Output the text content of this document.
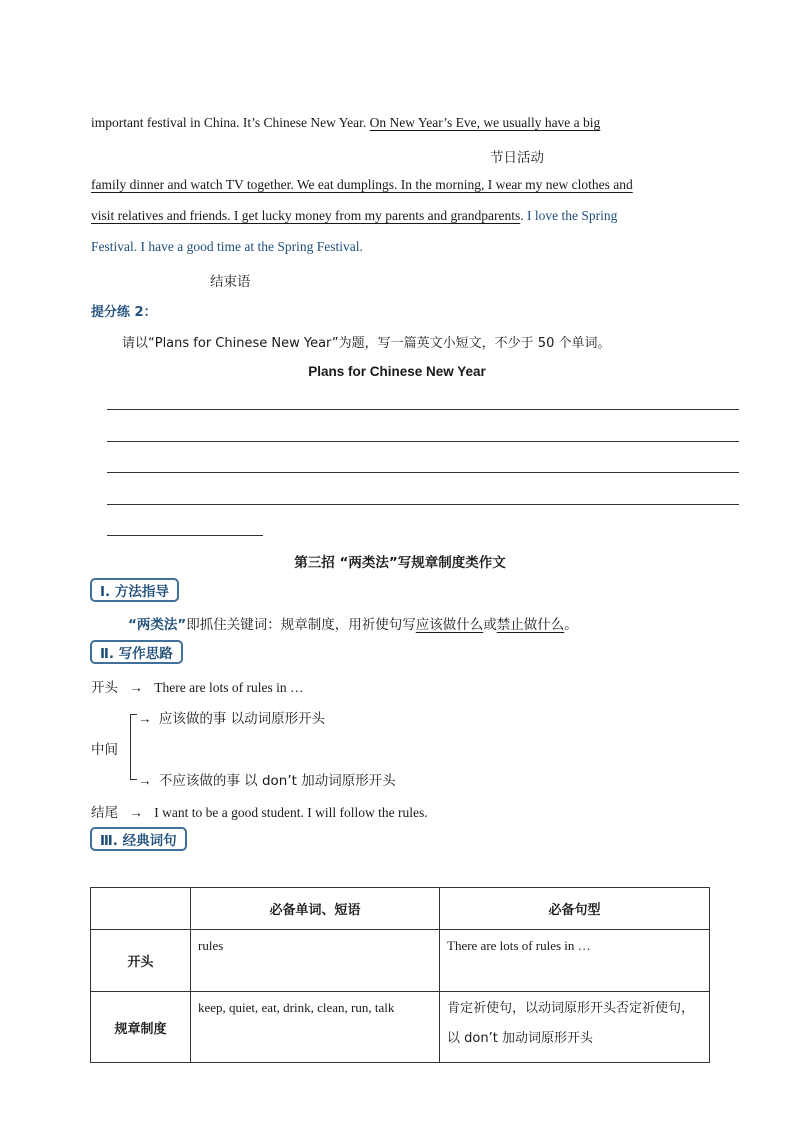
important festival in China. It’s Chinese New Year. On New Year’s Eve, we usually have a big
节日活动
family dinner and watch TV together. We eat dumplings. In the morning, I wear my new clothes and
visit relatives and friends. I get lucky money from my parents and grandparents. I love the Spring
Festival. I have a good time at the Spring Festival.
结束语
提分练 2：
请以“Plans for Chinese New Year”为题，写一篇英文小短文，不少于 50 个单词。
Plans for Chinese New Year
第三招 “两类法”写规章制度类作文
Ⅰ. 方法指导
“两类法”即抓住关键词：规章制度，用祈使句写应该做什么或禁止做什么。
Ⅱ. 写作思路
开头 → There are lots of rules in …
中间
→ 应该做的事 以动词原形开头
→ 不应该做的事 以 don’t 加动词原形开头
结尾 → I want to be a good student. I will follow the rules.
Ⅲ. 经典词句
	必备单词、短语	必备句型
开头	rules	There are lots of rules in …

规章制度	keep, quiet, eat, drink, clean, run, talk	肯定祈使句，以动词原形开头否定祈使句，以 don’t 加动词原形开头
